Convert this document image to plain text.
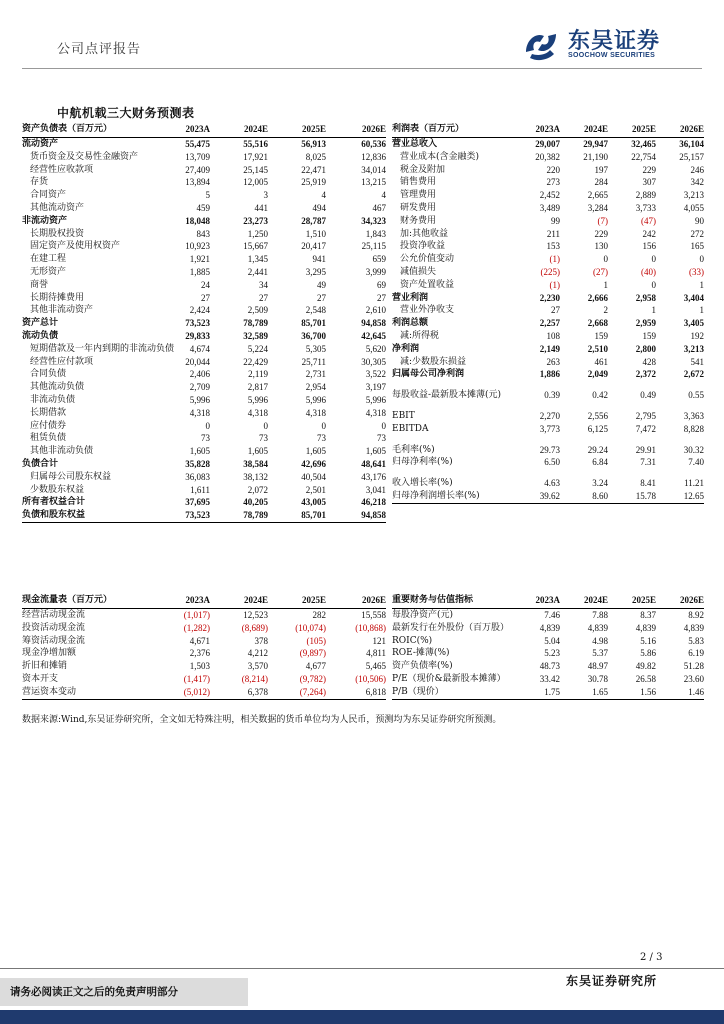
公司点评报告	东吴证券
SOOCHOW SECURITIES
中航机载三大财务预测表
资产负债表（百万元）	2023A	2024E	2025E	2026E
流动资产	55,475	55,516	56,913	60,536
货币资金及交易性金融资产	13,709	17,921	8,025	12,836
经营性应收款项	27,409	25,145	22,471	34,014
存货	13,894	12,005	25,919	13,215
合同资产	5	3	4	4
其他流动资产	459	441	494	467
非流动资产	18,048	23,273	28,787	34,323
长期股权投资	843	1,250	1,510	1,843
固定资产及使用权资产	10,923	15,667	20,417	25,115
在建工程	1,921	1,345	941	659
无形资产	1,885	2,441	3,295	3,999
商誉	24	34	49	69
长期待摊费用	27	27	27	27
其他非流动资产	2,424	2,509	2,548	2,610
资产总计	73,523	78,789	85,701	94,858
流动负债	29,833	32,589	36,700	42,645
短期借款及一年内到期的非流动负债	4,674	5,224	5,305	5,620
经营性应付款项	20,044	22,429	25,711	30,305
合同负债	2,406	2,119	2,731	3,522
其他流动负债	2,709	2,817	2,954	3,197
非流动负债	5,996	5,996	5,996	5,996
长期借款	4,318	4,318	4,318	4,318
应付债券	0	0	0	0
租赁负债	73	73	73	73
其他非流动负债	1,605	1,605	1,605	1,605
负债合计	35,828	38,584	42,696	48,641
归属母公司股东权益	36,083	38,132	40,504	43,176
少数股东权益	1,611	2,072	2,501	3,041
所有者权益合计	37,695	40,205	43,005	46,218
负债和股东权益	73,523	78,789	85,701	94,858
利润表（百万元）	2023A	2024E	2025E	2026E
营业总收入	29,007	29,947	32,465	36,104
营业成本(含金融类)	20,382	21,190	22,754	25,157
税金及附加	220	197	229	246
销售费用	273	284	307	342
管理费用	2,452	2,665	2,889	3,213
研发费用	3,489	3,284	3,733	4,055
财务费用	99	(7)	(47)	90
加:其他收益	211	229	242	272
投资净收益	153	130	156	165
公允价值变动	(1)	0	0	0
减值损失	(225)	(27)	(40)	(33)
资产处置收益	(1)	1	0	1
营业利润	2,230	2,666	2,958	3,404
营业外净收支	27	2	1	1
利润总额	2,257	2,668	2,959	3,405
减:所得税	108	159	159	192
净利润	2,149	2,510	2,800	3,213
减:少数股东损益	263	461	428	541
归属母公司净利润	1,886	2,049	2,372	2,672

每股收益-最新股本摊薄(元)	0.39	0.42	0.49	0.55

EBIT	2,270	2,556	2,795	3,363
EBITDA	3,773	6,125	7,472	8,828

毛利率(%)	29.73	29.24	29.91	30.32
归母净利率(%)	6.50	6.84	7.31	7.40

收入增长率(%)	4.63	3.24	8.41	11.21
归母净利润增长率(%)	39.62	8.60	15.78	12.65
现金流量表（百万元）	2023A	2024E	2025E	2026E
经营活动现金流	(1,017)	12,523	282	15,558
投资活动现金流	(1,282)	(8,689)	(10,074)	(10,868)
筹资活动现金流	4,671	378	(105)	121
现金净增加额	2,376	4,212	(9,897)	4,811
折旧和摊销	1,503	3,570	4,677	5,465
资本开支	(1,417)	(8,214)	(9,782)	(10,506)
营运资本变动	(5,012)	6,378	(7,264)	6,818
重要财务与估值指标	2023A	2024E	2025E	2026E
每股净资产(元)	7.46	7.88	8.37	8.92
最新发行在外股份（百万股）	4,839	4,839	4,839	4,839
ROIC(%)	5.04	4.98	5.16	5.83
ROE-摊薄(%)	5.23	5.37	5.86	6.19
资产负债率(%)	48.73	48.97	49.82	51.28
P/E（现价&最新股本摊薄）	33.42	30.78	26.58	23.60
P/B（现价）	1.75	1.65	1.56	1.46
数据来源:Wind,东吴证券研究所，全文如无特殊注明，相关数据的货币单位均为人民币，预测均为东吴证券研究所预测。
2 / 3
请务必阅读正文之后的免责声明部分
东吴证券研究所
